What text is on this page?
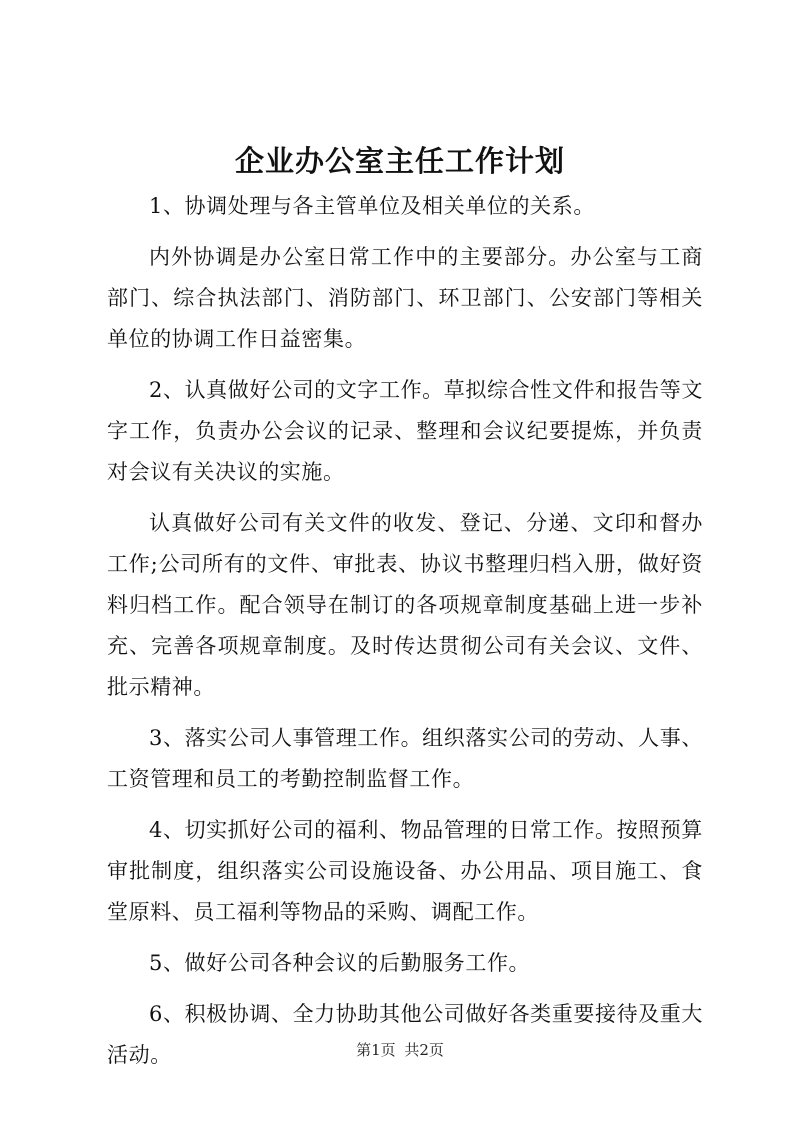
企业办公室主任工作计划

1、协调处理与各主管单位及相关单位的关系。

内外协调是办公室日常工作中的主要部分。办公室与工商部门、综合执法部门、消防部门、环卫部门、公安部门等相关单位的协调工作日益密集。

2、认真做好公司的文字工作。草拟综合性文件和报告等文字工作，负责办公会议的记录、整理和会议纪要提炼，并负责对会议有关决议的实施。

认真做好公司有关文件的收发、登记、分递、文印和督办工作;公司所有的文件、审批表、协议书整理归档入册，做好资料归档工作。配合领导在制订的各项规章制度基础上进一步补充、完善各项规章制度。及时传达贯彻公司有关会议、文件、批示精神。

3、落实公司人事管理工作。组织落实公司的劳动、人事、工资管理和员工的考勤控制监督工作。

4、切实抓好公司的福利、物品管理的日常工作。按照预算审批制度，组织落实公司设施设备、办公用品、项目施工、食堂原料、员工福利等物品的采购、调配工作。

5、做好公司各种会议的后勤服务工作。

6、积极协调、全力协助其他公司做好各类重要接待及重大活动。	第1页 共2页
